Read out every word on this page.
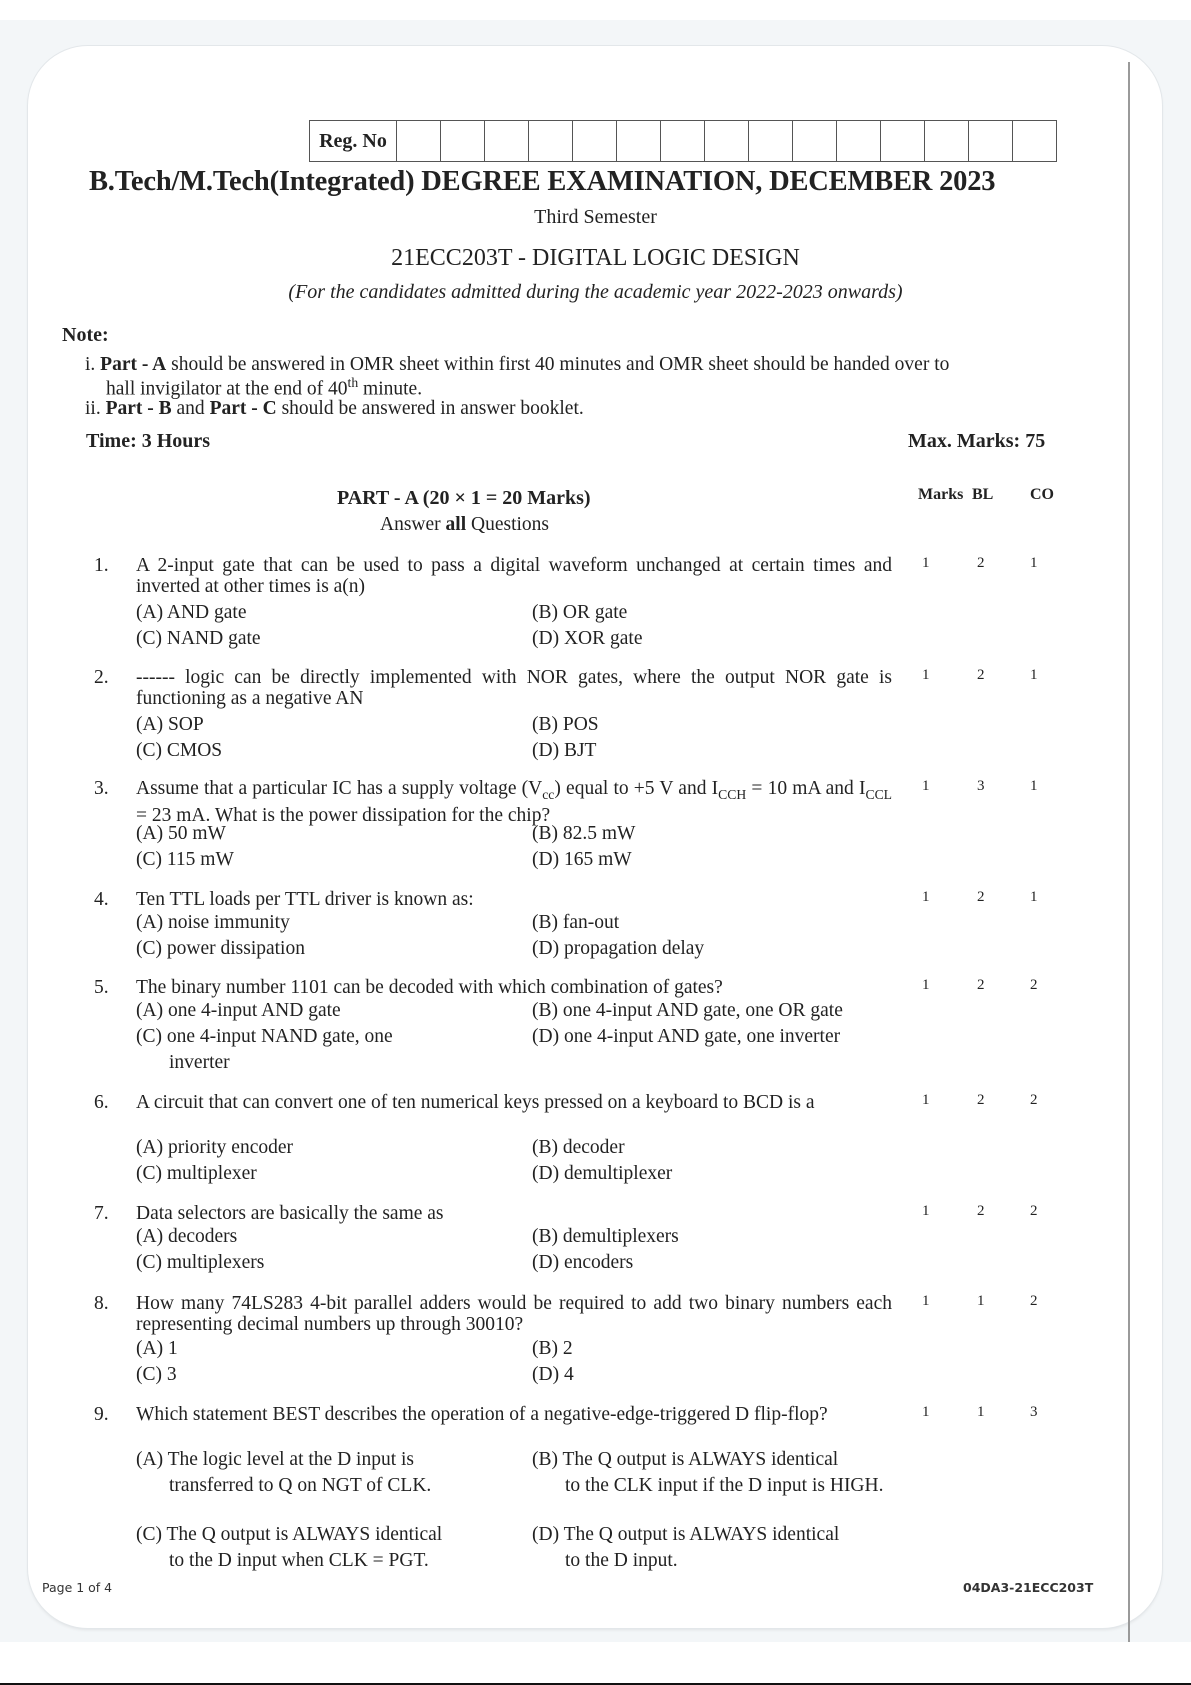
Reg. No
B.Tech/M.Tech(Integrated) DEGREE EXAMINATION, DECEMBER 2023
Third Semester
21ECC203T - DIGITAL LOGIC DESIGN
(For the candidates admitted during the academic year 2022-2023 onwards)
Note:
i. Part - A should be answered in OMR sheet within first 40 minutes and OMR sheet should be handed over to
hall invigilator at the end of 40th minute.
ii. Part - B and Part - C should be answered in answer booklet.
Time: 3 Hours	Max. Marks: 75
PART - A (20 × 1 = 20 Marks)
Answer all Questions
Marks BL CO
1. A 2-input gate that can be used to pass a digital waveform unchanged at certain times and inverted at other times is a(n)
(A) AND gate	(B) OR gate
(C) NAND gate	(D) XOR gate
1	2	1
2. ------ logic can be directly implemented with NOR gates, where the output NOR gate is functioning as a negative AN
(A) SOP	(B) POS
(C) CMOS	(D) BJT
1	2	1
3. Assume that a particular IC has a supply voltage $(V_{cc})$ equal to +5 V and $I_{CCH} = 10$ mA and $I_{CCL} = 23$ mA. What is the power dissipation for the chip?
(A) 50 mW	(B) 82.5 mW
(C) 115 mW	(D) 165 mW
1	3	1
4. Ten TTL loads per TTL driver is known as:
(A) noise immunity	(B) fan-out
(C) power dissipation	(D) propagation delay
1	2	1
5. The binary number 1101 can be decoded with which combination of gates?
(A) one 4-input AND gate	(B) one 4-input AND gate, one OR gate
(C) one 4-input NAND gate, one
inverter
(D) one 4-input AND gate, one inverter
1	2	2
6. A circuit that can convert one of ten numerical keys pressed on a keyboard to BCD is a
(A) priority encoder	(B) decoder
(C) multiplexer	(D) demultiplexer
1	2	2
7. Data selectors are basically the same as
(A) decoders	(B) demultiplexers
(C) multiplexers	(D) encoders
1	2	2
8. How many 74LS283 4-bit parallel adders would be required to add two binary numbers each representing decimal numbers up through 30010?
(A) 1	(B) 2
(C) 3	(D) 4
1	1	2
9. Which statement BEST describes the operation of a negative-edge-triggered D flip-flop?
(A) The logic level at the D input is
transferred to Q on NGT of CLK.
(B) The Q output is ALWAYS identical
to the CLK input if the D input is HIGH.
(C) The Q output is ALWAYS identical
to the D input when CLK = PGT.
(D) The Q output is ALWAYS identical
to the D input.
1	1	3
Page 1 of 4	04DA3-21ECC203T
